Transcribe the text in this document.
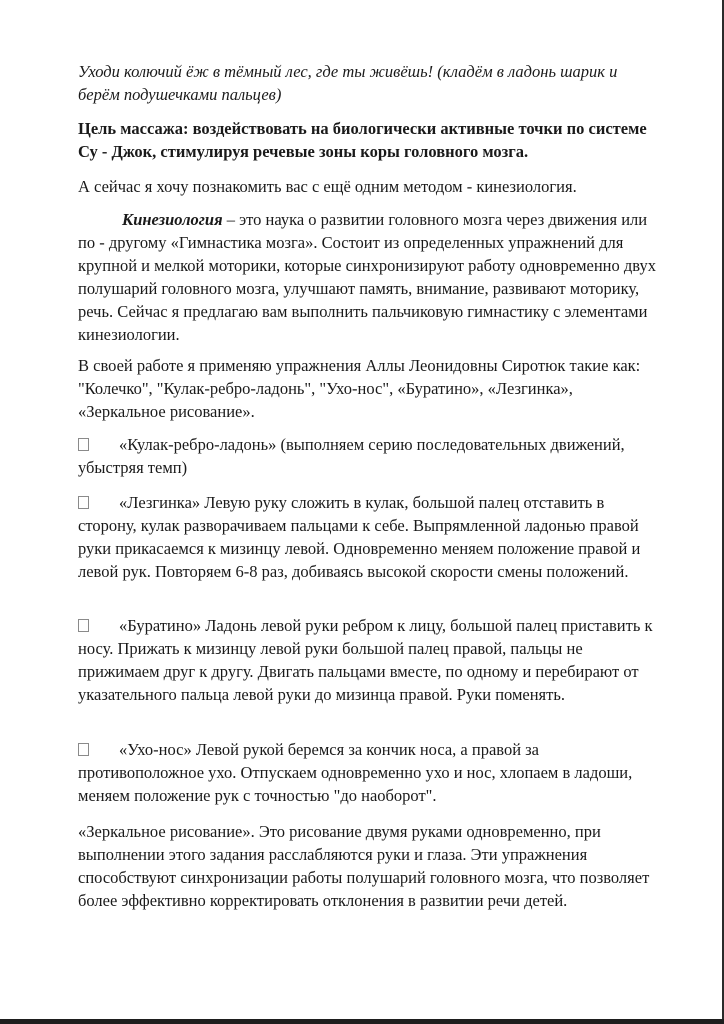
Уходи колючий ёж в тёмный лес, где ты живёшь! (кладём в ладонь шарик и берём подушечками пальцев)

Цель массажа: воздействовать на биологически активные точки по системе Су - Джок, стимулируя речевые зоны коры головного мозга.

А сейчас я хочу познакомить вас с ещё одним методом - кинезиология.

Кинезиология – это наука о развитии головного мозга через движения или по - другому «Гимнастика мозга». Состоит из определенных упражнений для крупной и мелкой моторики, которые синхронизируют работу одновременно двух полушарий головного мозга, улучшают память, внимание, развивают моторику, речь. Сейчас я предлагаю вам выполнить пальчиковую гимнастику с элементами кинезиологии.

В своей работе я применяю упражнения Аллы Леонидовны Сиротюк такие как: "Колечко", "Кулак-ребро-ладонь", "Ухо-нос", «Буратино», «Лезгинка», «Зеркальное рисование».

«Кулак-ребро-ладонь» (выполняем серию последовательных движений, убыстряя темп)

«Лезгинка» Левую руку сложить в кулак, большой палец отставить в сторону, кулак разворачиваем пальцами к себе. Выпрямленной ладонью правой руки прикасаемся к мизинцу левой. Одновременно меняем положение правой и левой рук. Повторяем 6-8 раз, добиваясь высокой скорости смены положений.

«Буратино» Ладонь левой руки ребром к лицу, большой палец приставить к носу. Прижать к мизинцу левой руки большой палец правой, пальцы не прижимаем друг к другу. Двигать пальцами вместе, по одному и перебирают от указательного пальца левой руки до мизинца правой. Руки поменять.

«Ухо-нос» Левой рукой беремся за кончик носа, а правой за противоположное ухо. Отпускаем одновременно ухо и нос, хлопаем в ладоши, меняем положение рук с точностью "до наоборот".

«Зеркальное рисование». Это рисование двумя руками одновременно, при выполнении этого задания расслабляются руки и глаза. Эти упражнения способствуют синхронизации работы полушарий головного мозга, что позволяет более эффективно корректировать отклонения в развитии речи детей.
